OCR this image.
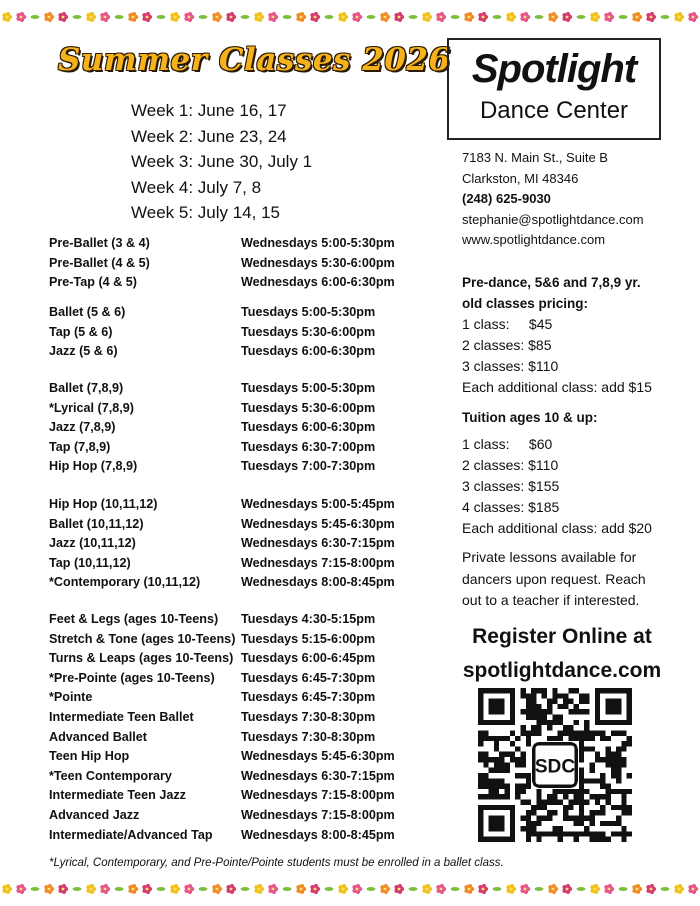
Summer Classes 2026
Week 1: June 16, 17
Week 2: June 23, 24
Week 3: June 30, July 1
Week 4: July 7, 8
Week 5: July 14, 15
Spotlight
Dance Center
7183 N. Main St., Suite B
Clarkston, MI 48346
(248) 625-9030
stephanie@spotlightdance.com
www.spotlightdance.com
Pre-Ballet (3 & 4)	Wednesdays 5:00-5:30pm
Pre-Ballet (4 & 5)	Wednesdays 5:30-6:00pm
Pre-Tap (4 & 5)	Wednesdays 6:00-6:30pm
Ballet (5 & 6)	Tuesdays 5:00-5:30pm
Tap (5 & 6)	Tuesdays 5:30-6:00pm
Jazz (5 & 6)	Tuesdays 6:00-6:30pm
Ballet (7,8,9)	Tuesdays 5:00-5:30pm
*Lyrical (7,8,9)	Tuesdays 5:30-6:00pm
Jazz (7,8,9)	Tuesdays 6:00-6:30pm
Tap (7,8,9)	Tuesdays 6:30-7:00pm
Hip Hop (7,8,9)	Tuesdays 7:00-7:30pm
Hip Hop (10,11,12)	Wednesdays 5:00-5:45pm
Ballet (10,11,12)	Wednesdays 5:45-6:30pm
Jazz (10,11,12)	Wednesdays 6:30-7:15pm
Tap (10,11,12)	Wednesdays 7:15-8:00pm
*Contemporary (10,11,12)	Wednesdays 8:00-8:45pm
Feet & Legs (ages 10-Teens) Tuesdays 4:30-5:15pm
Stretch & Tone (ages 10-Teens) Tuesdays 5:15-6:00pm
Turns & Leaps (ages 10-Teens) Tuesdays 6:00-6:45pm
*Pre-Pointe (ages 10-Teens) Tuesdays 6:45-7:30pm
*Pointe	Tuesdays 6:45-7:30pm
Intermediate Teen Ballet	Tuesdays 7:30-8:30pm
Advanced Ballet	Tuesdays 7:30-8:30pm
Teen Hip Hop	Wednesdays 5:45-6:30pm
*Teen Contemporary	Wednesdays 6:30-7:15pm
Intermediate Teen Jazz	Wednesdays 7:15-8:00pm
Advanced Jazz	Wednesdays 7:15-8:00pm
Intermediate/Advanced Tap Wednesdays 8:00-8:45pm
Pre-dance, 5&6 and 7,8,9 yr.
old classes pricing:
1 class:     $45
2 classes: $85
3 classes: $110
Each additional class: add $15
Tuition ages 10 & up:
1 class:     $60
2 classes: $110
3 classes: $155
4 classes: $185
Each additional class: add $20
Private lessons available for
dancers upon request. Reach
out to a teacher if interested.
Register Online at
spotlightdance.com
SDC
*Lyrical, Contemporary, and Pre-Pointe/Pointe students must be enrolled in a ballet class.
